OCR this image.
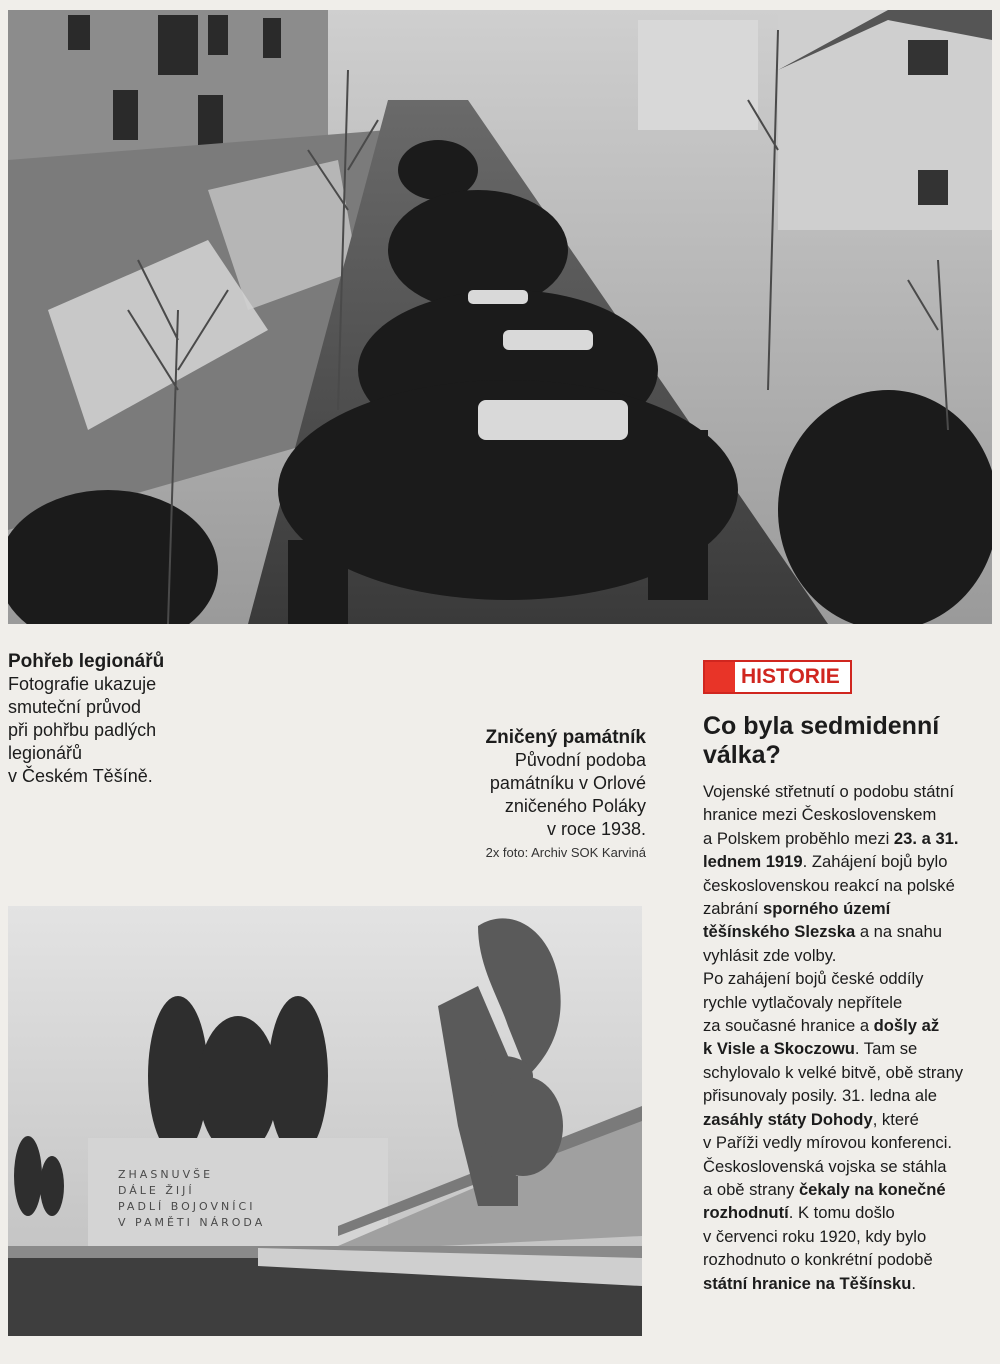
Pohřeb legionářů
Fotografie ukazuje
smuteční průvod
při pohřbu padlých
legionářů
v Českém Těšíně.
Zničený památník
Původní podoba
památníku v Orlové
zničeného Poláky
v roce 1938.
2x foto: Archiv SOK Karviná
ZHASNUVŠE
DÁLE ŽIJÍ
PADLÍ BOJOVNÍCI
V PAMĚTI NÁRODA
HISTORIE
Co byla sedmidenní
válka?
Vojenské střetnutí o podobu státní
hranice mezi Československem
a Polskem proběhlo mezi 23. a 31.
lednem 1919. Zahájení bojů bylo
československou reakcí na polské
zabrání sporného území
těšínského Slezska a na snahu
vyhlásit zde volby.
Po zahájení bojů české oddíly
rychle vytlačovaly nepřítele
za současné hranice a došly až
k Visle a Skoczowu. Tam se
schylovalo k velké bitvě, obě strany
přisunovaly posily. 31. ledna ale
zasáhly státy Dohody, které
v Paříži vedly mírovou konferenci.
Československá vojska se stáhla
a obě strany čekaly na konečné
rozhodnutí. K tomu došlo
v červenci roku 1920, kdy bylo
rozhodnuto o konkrétní podobě
státní hranice na Těšínsku.
